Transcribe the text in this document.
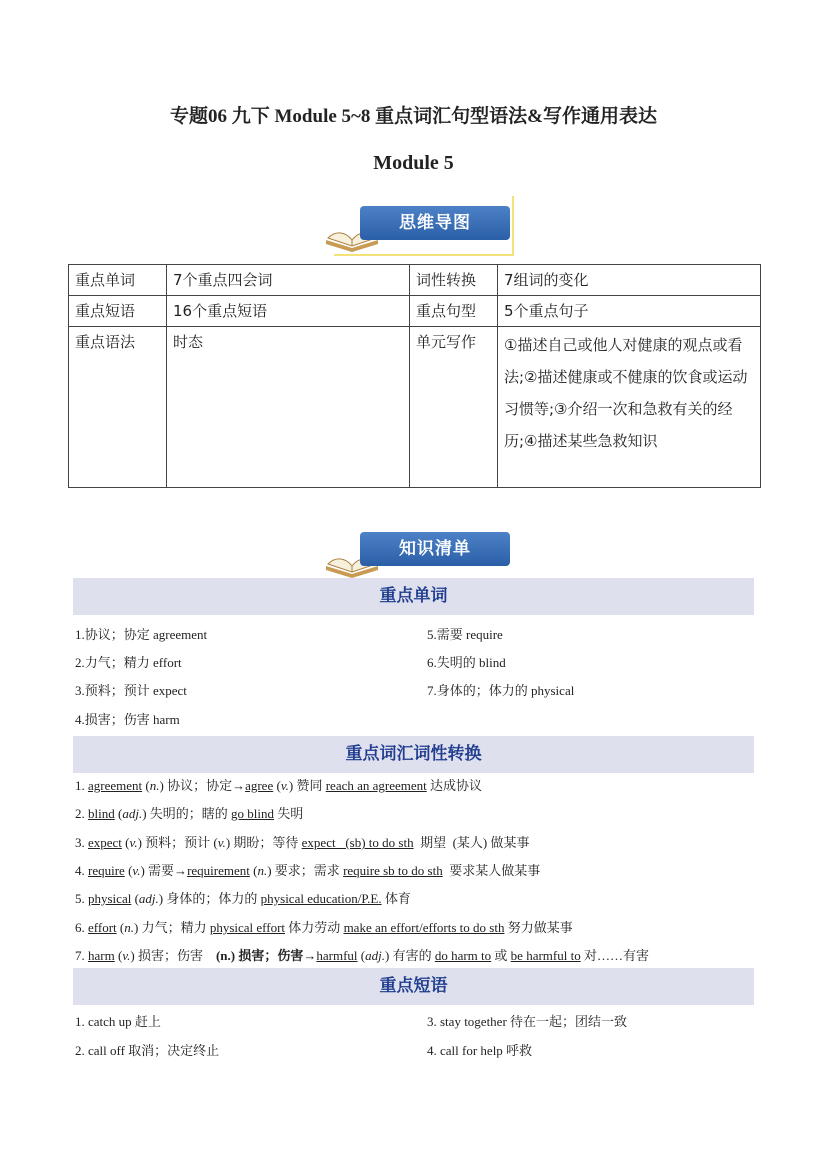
专题06 九下 Module 5~8 重点词汇句型语法&写作通用表达
Module 5
思维导图
重点单词	7个重点四会词	词性转换	7组词的变化
重点短语	16个重点短语	重点句型	5个重点句子
重点语法	时态	单元写作	①描述自己或他人对健康的观点或看法;②描述健康或不健康的饮食或运动习惯等;③介绍一次和急救有关的经历;④描述某些急救知识
知识清单
重点单词
1.协议；协定 agreement
2.力气；精力 effort
3.预料；预计 expect
4.损害；伤害 harm
5.需要 require
6.失明的 blind
7.身体的；体力的 physical
重点词汇词性转换
1. agreement (n.) 协议；协定→agree (v.) 赞同 reach an agreement 达成协议
2. blind (adj.) 失明的；瞎的 go blind 失明
3. expect (v.) 预料；预计 (v.) 期盼；等待 expect   (sb) to do sth  期望  (某人) 做某事
4. require (v.) 需要→requirement (n.) 要求；需求 require sb to do sth  要求某人做某事
5. physical (adj.) 身体的；体力的 physical education/P.E. 体育
6. effort (n.) 力气；精力 physical effort 体力劳动 make an effort/efforts to do sth 努力做某事
7. harm (v.) 损害；伤害    (n.) 损害；伤害→harmful (adj.) 有害的 do harm to 或 be harmful to 对……有害
重点短语
1. catch up 赶上
2. call off 取消；决定终止
3. stay together 待在一起；团结一致
4. call for help 呼救
